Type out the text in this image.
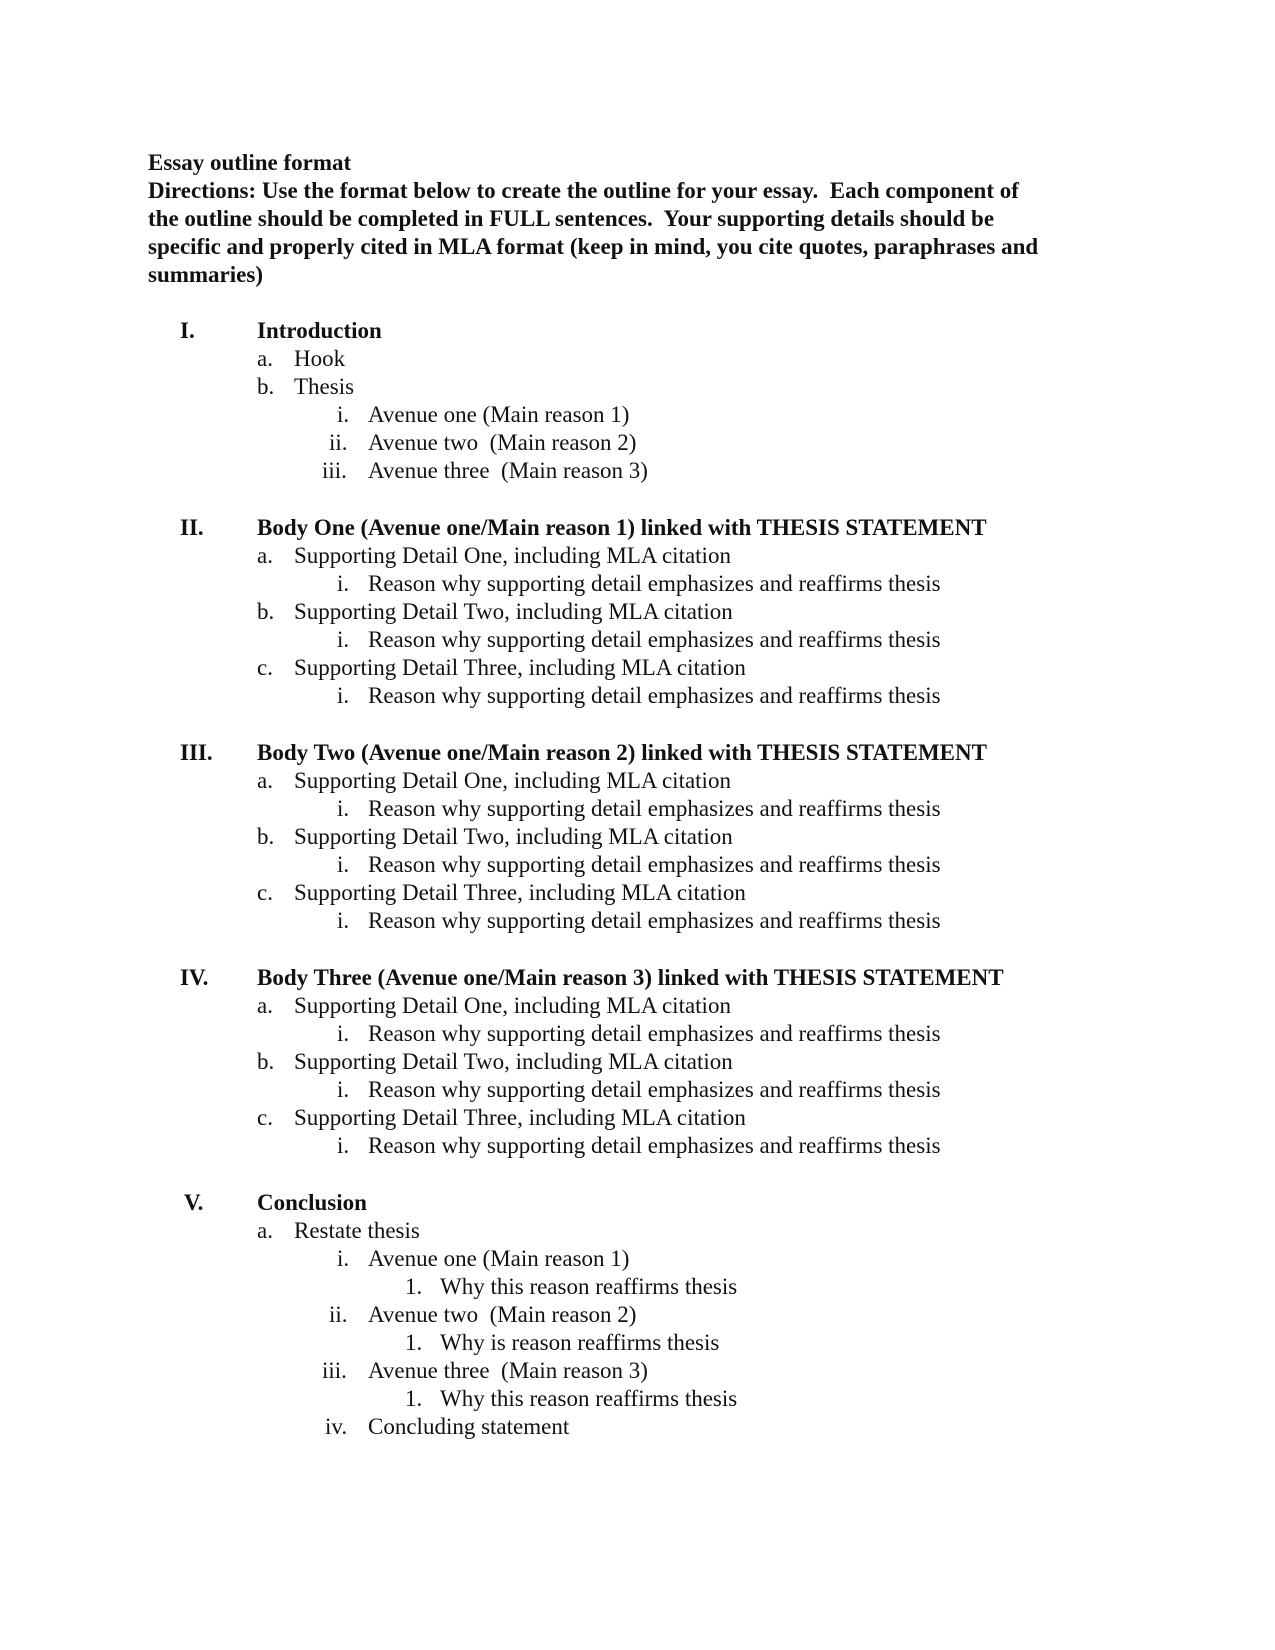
Essay outline format
Directions: Use the format below to create the outline for your essay.  Each component of
the outline should be completed in FULL sentences.  Your supporting details should be
specific and properly cited in MLA format (keep in mind, you cite quotes, paraphrases and
summaries)
I.	Introduction
a. Hook
b. Thesis
i. Avenue one (Main reason 1)
ii. Avenue two  (Main reason 2)
iii. Avenue three  (Main reason 3)
II. Body One (Avenue one/Main reason 1) linked with THESIS STATEMENT
a. Supporting Detail One, including MLA citation
i. Reason why supporting detail emphasizes and reaffirms thesis
b. Supporting Detail Two, including MLA citation
i. Reason why supporting detail emphasizes and reaffirms thesis
c. Supporting Detail Three, including MLA citation
i. Reason why supporting detail emphasizes and reaffirms thesis
III. Body Two (Avenue one/Main reason 2) linked with THESIS STATEMENT
a. Supporting Detail One, including MLA citation
i. Reason why supporting detail emphasizes and reaffirms thesis
b. Supporting Detail Two, including MLA citation
i. Reason why supporting detail emphasizes and reaffirms thesis
c. Supporting Detail Three, including MLA citation
i. Reason why supporting detail emphasizes and reaffirms thesis
IV. Body Three (Avenue one/Main reason 3) linked with THESIS STATEMENT
a. Supporting Detail One, including MLA citation
i. Reason why supporting detail emphasizes and reaffirms thesis
b. Supporting Detail Two, including MLA citation
i. Reason why supporting detail emphasizes and reaffirms thesis
c. Supporting Detail Three, including MLA citation
i. Reason why supporting detail emphasizes and reaffirms thesis
V. Conclusion
a. Restate thesis
i. Avenue one (Main reason 1)
1. Why this reason reaffirms thesis
ii. Avenue two  (Main reason 2)
1. Why is reason reaffirms thesis
iii. Avenue three  (Main reason 3)
1. Why this reason reaffirms thesis
iv. Concluding statement
